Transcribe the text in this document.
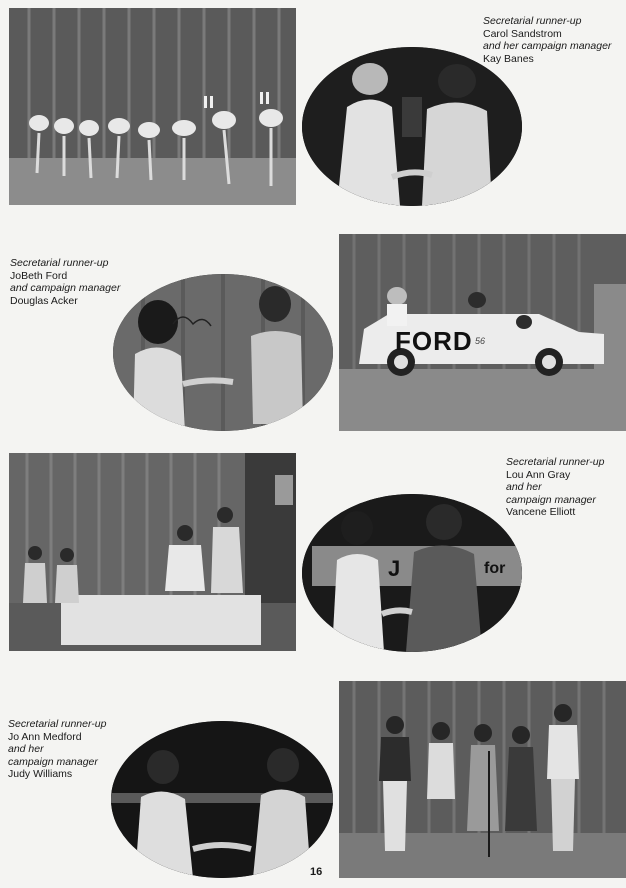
Secretarial runner-up
Carol Sandstrom
and her campaign manager
Kay Banes
Secretarial runner-up
JoBeth Ford
and campaign manager
Douglas Acker
FORD 56
Secretarial runner-up
Lou Ann Gray
and her
campaign manager
Vancene Elliott
J	for
Secretarial runner-up
Jo Ann Medford
and her
campaign manager
Judy Williams
16
